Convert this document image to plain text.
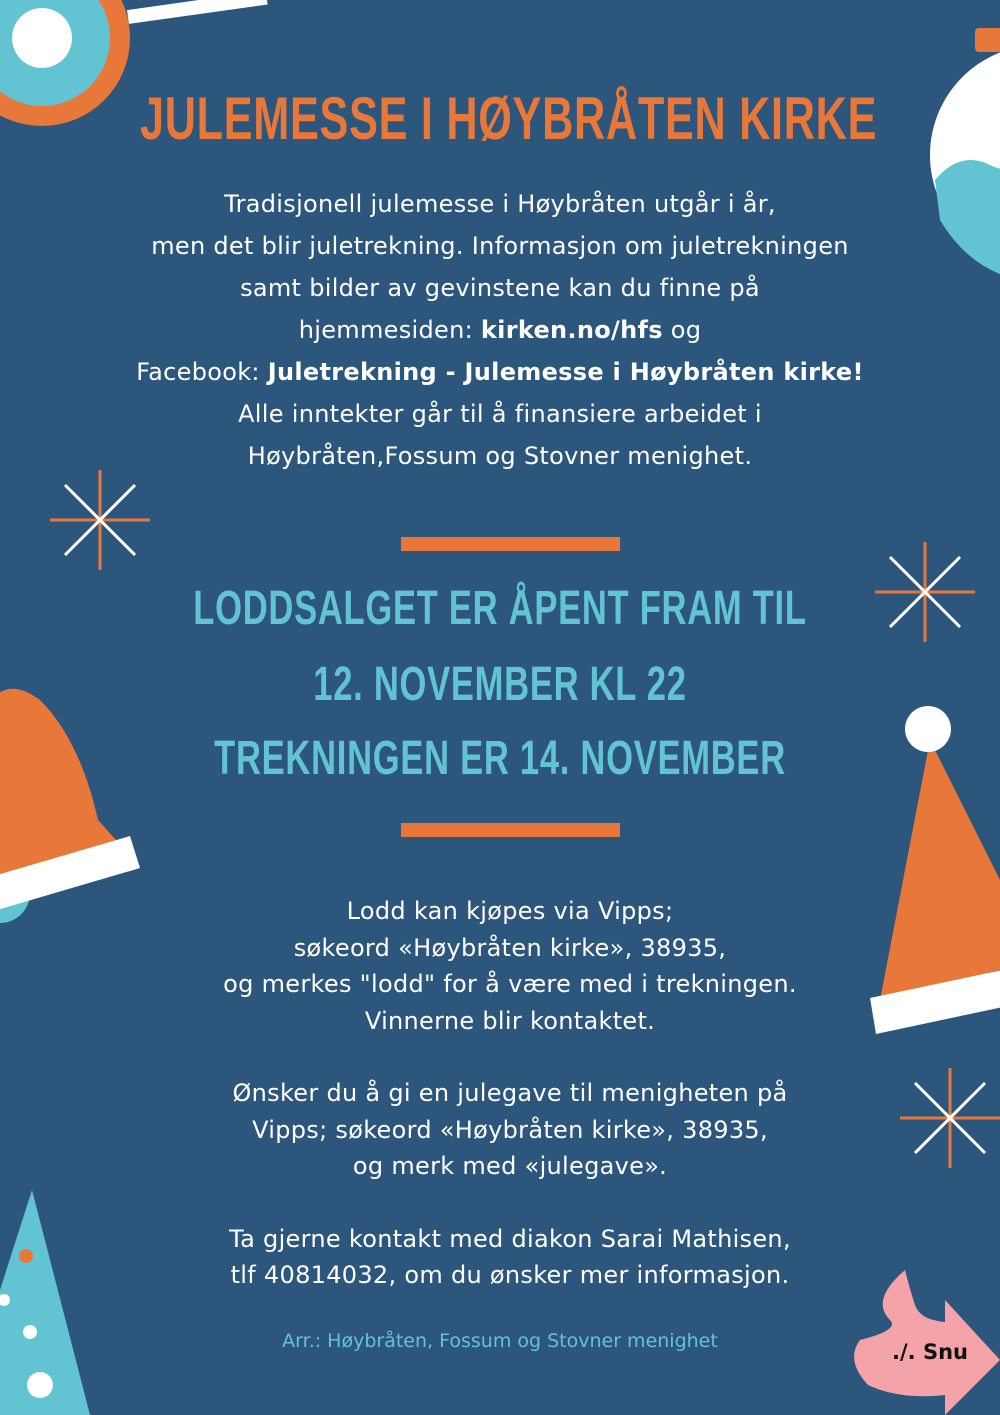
JULEMESSE I HØYBRÅTEN KIRKE

Tradisjonell julemesse i Høybråten utgår i år,

men det blir juletrekning. Informasjon om juletrekningen

samt bilder av gevinstene kan du finne på

hjemmesiden: kirken.no/hfs og

Facebook: Juletrekning - Julemesse i Høybråten kirke!

Alle inntekter går til å finansiere arbeidet i

Høybråten,Fossum og Stovner menighet.

LODDSALGET ER ÅPENT FRAM TIL

12. NOVEMBER KL 22

TREKNINGEN ER 14. NOVEMBER

Lodd kan kjøpes via Vipps;

søkeord «Høybråten kirke», 38935,

og merkes "lodd" for å være med i trekningen.

Vinnerne blir kontaktet.

Ønsker du å gi en julegave til menigheten på

Vipps; søkeord «Høybråten kirke», 38935,

og merk med «julegave».

Ta gjerne kontakt med diakon Sarai Mathisen,

tlf 40814032, om du ønsker mer informasjon.

Arr.: Høybråten, Fossum og Stovner menighet	./. Snu
